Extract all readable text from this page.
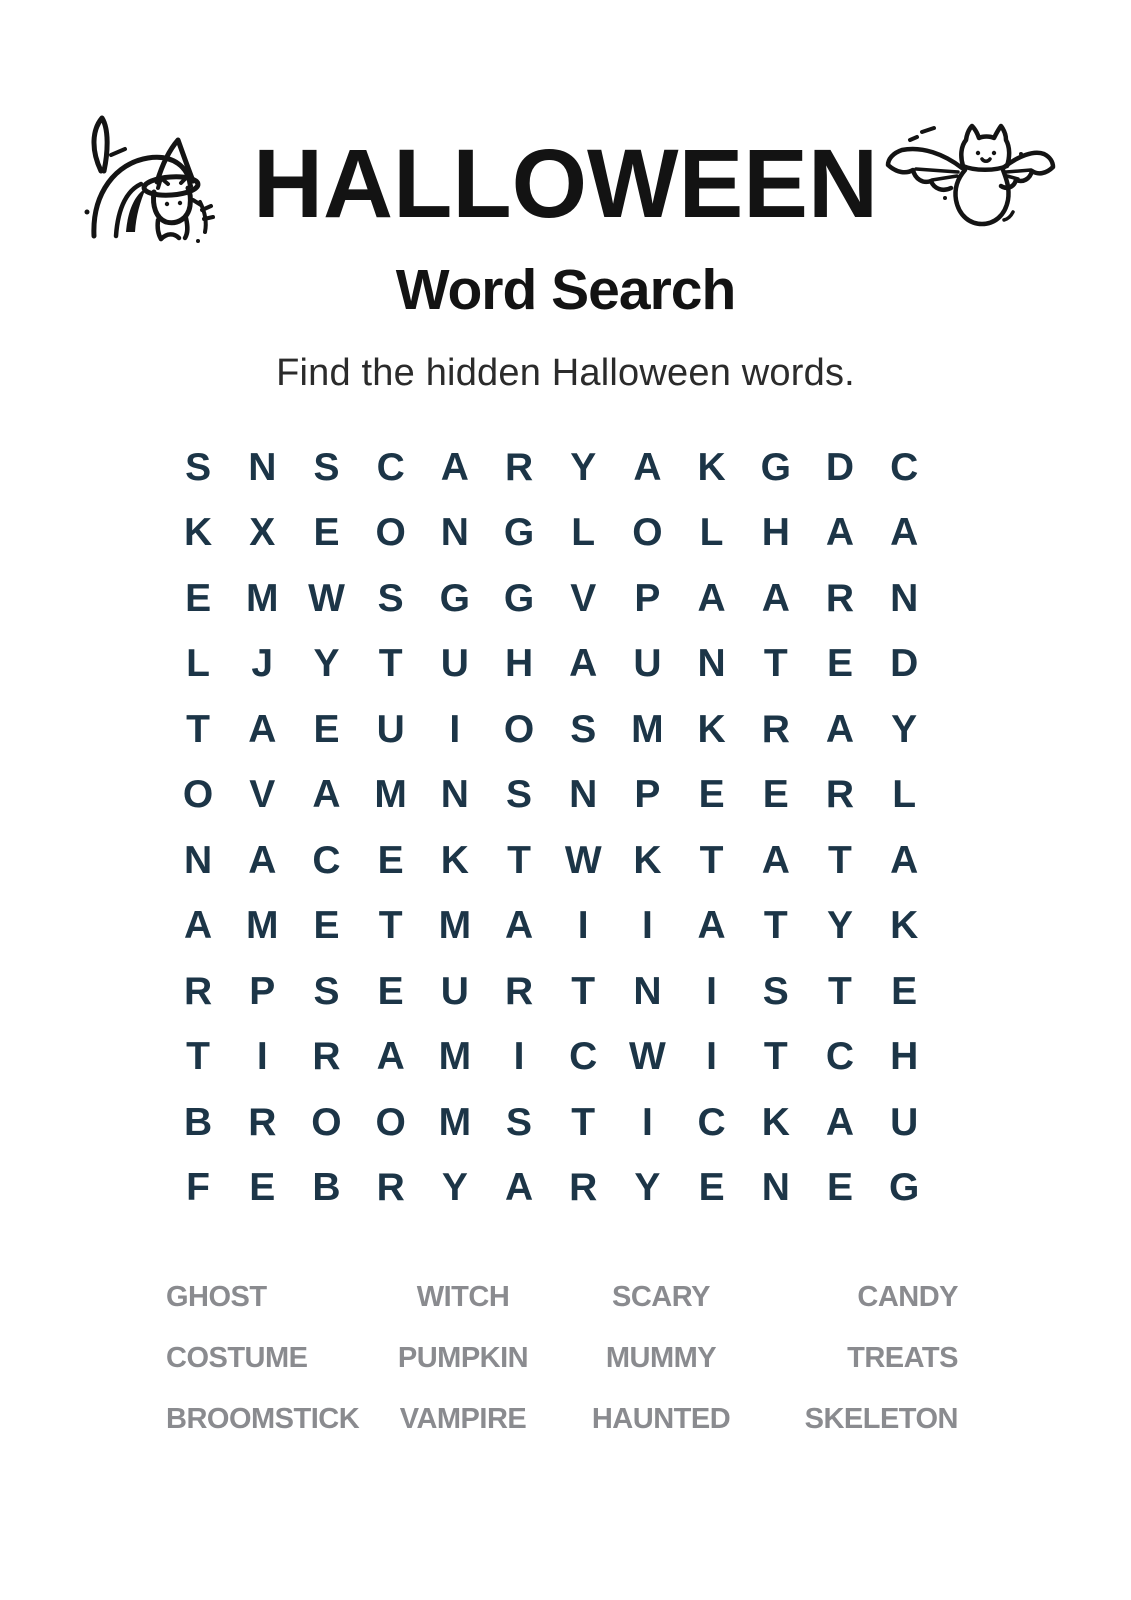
HALLOWEEN
Word Search
Find the hidden Halloween words.
S N S C A R Y A K G D C
K X E O N G L O L H A A
E M W S G G V P A A R N
L	J	Y	T U H A U N T	E D
T A E U	I	O S M K R A Y
O V A M N S N P E E R L
N A C E K T W K T A T A
A M E	T M A	I	I	A T	Y K
R P S E U R T N	I	S	T	E
T	I	R A M	I	C W	I	T C H
B R O O M S	T	I	C K A U
F	E B R Y A R Y E N E G
GHOST	WITCH	SCARY	CANDY
COSTUME	PUMPKIN	MUMMY	TREATS
BROOMSTICK	VAMPIRE	HAUNTED	SKELETON
